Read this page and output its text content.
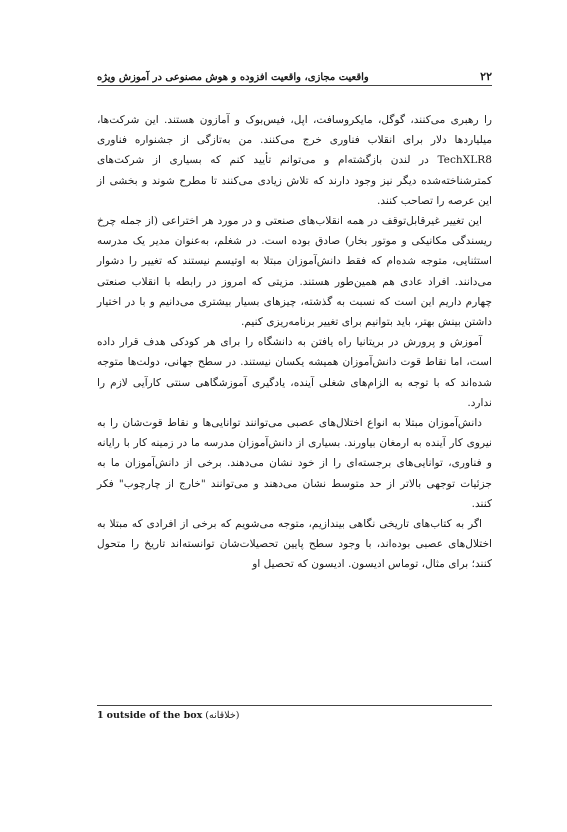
۲۲
واقعیت مجازی، واقعیت افزوده و هوش مصنوعی در آموزش ویژه

را رهبری می‌کنند، گوگل، مایکروسافت، اپل، فیس‌بوک و آمازون هستند. این شرکت‌ها، میلیاردها دلار برای انقلاب فناوری خرج می‌کنند. من به‌تازگی از جشنواره فناوری TechXLR8 در لندن بازگشته‌ام و می‌توانم تأیید کنم که بسیاری از شرکت‌های کمترشناخته‌شده دیگر نیز وجود دارند که تلاش زیادی می‌کنند تا مطرح شوند و بخشی از این عرصه را تصاحب کنند.

این تغییر غیرقابل‌توقف در همه انقلاب‌های صنعتی و در مورد هر اختراعی (از جمله چرخ ریسندگی مکانیکی و موتور بخار) صادق بوده است. در شغلم، به‌عنوان مدیر یک مدرسه استثنایی، متوجه شده‌ام که فقط دانش‌آموزان مبتلا به اوتیسم نیستند که تغییر را دشوار می‌دانند. افراد عادی هم همین‌طور هستند. مزیتی که امروز در رابطه با انقلاب صنعتی چهارم داریم این است که نسبت به گذشته، چیزهای بسیار بیشتری می‌دانیم و با در اختیار داشتن بینش بهتر، باید بتوانیم برای تغییر برنامه‌ریزی کنیم.

آموزش و پرورش در بریتانیا راه یافتن به دانشگاه را برای هر کودکی هدف قرار داده است، اما نقاط قوت دانش‌آموزان همیشه یکسان نیستند. در سطح جهانی، دولت‌ها متوجه شده‌اند که با توجه به الزام‌های شغلی آینده، یادگیری آموزشگاهی سنتی کارآیی لازم را ندارد.

دانش‌آموزان مبتلا به انواع اختلال‌های عصبی می‌توانند توانایی‌ها و نقاط قوت‌شان را به نیروی کار آینده به ارمغان بیاورند. بسیاری از دانش‌آموزان مدرسه ما در زمینه کار با رایانه و فناوری، توانایی‌های برجسته‌ای را از خود نشان می‌دهند. برخی از دانش‌آموزان ما به جزئیات توجهی بالاتر از حد متوسط نشان می‌دهند و می‌توانند "خارج از چارچوب" فکر کنند.

اگر به کتاب‌های تاریخی نگاهی بیندازیم، متوجه می‌شویم که برخی از افرادی که مبتلا به اختلال‌های عصبی بوده‌اند، با وجود سطح پایین تحصیلات‌شان توانسته‌اند تاریخ را متحول کنند؛ برای مثال، توماس ادیسون. ادیسون که تحصیل او

1 outside of the box (خلاقانه)
